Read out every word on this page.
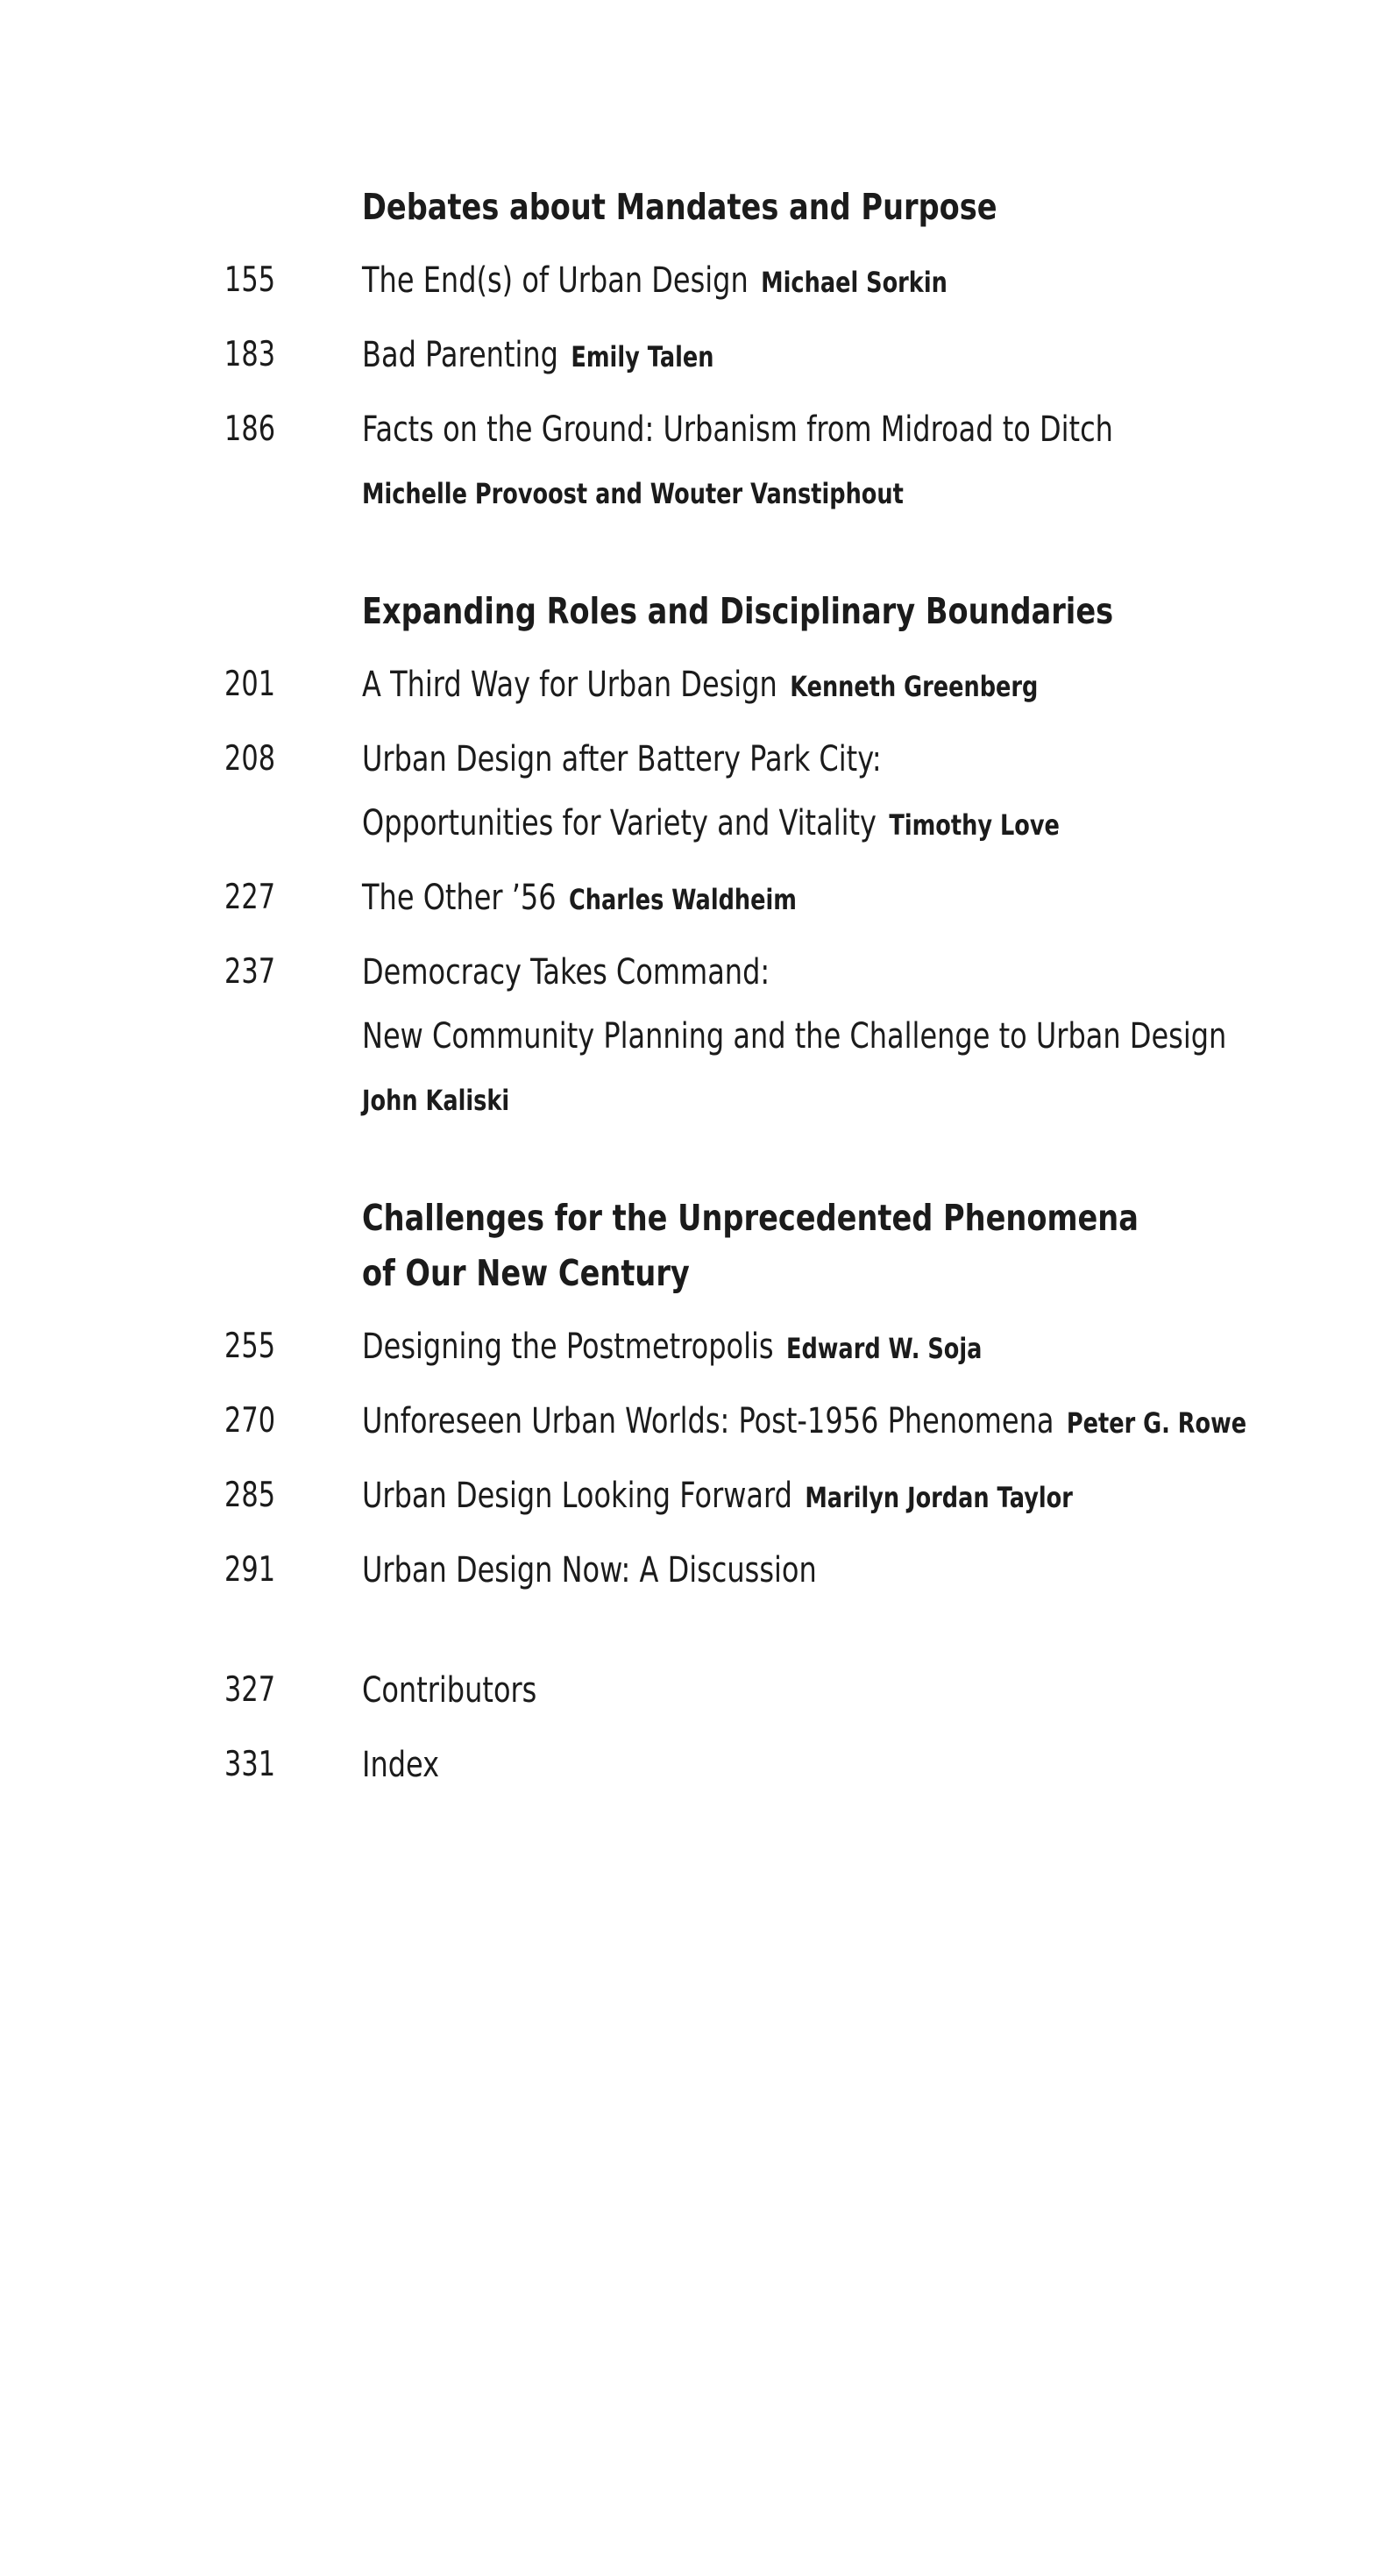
Debates about Mandates and Purpose
155	The End(s) of Urban Design Michael Sorkin
183	Bad Parenting Emily Talen
186	Facts on the Ground: Urbanism from Midroad to Ditch
Michelle Provoost and Wouter Vanstiphout
Expanding Roles and Disciplinary Boundaries
201	A Third Way for Urban Design Kenneth Greenberg
208	Urban Design after Battery Park City:
Opportunities for Variety and Vitality Timothy Love
227	The Other ’56 Charles Waldheim
237	Democracy Takes Command:
New Community Planning and the Challenge to Urban Design
John Kaliski
Challenges for the Unprecedented Phenomena
of Our New Century
255	Designing the Postmetropolis Edward W. Soja
270	Unforeseen Urban Worlds: Post-1956 Phenomena Peter G. Rowe
285	Urban Design Looking Forward Marilyn Jordan Taylor
291	Urban Design Now: A Discussion
327	Contributors
331	Index
